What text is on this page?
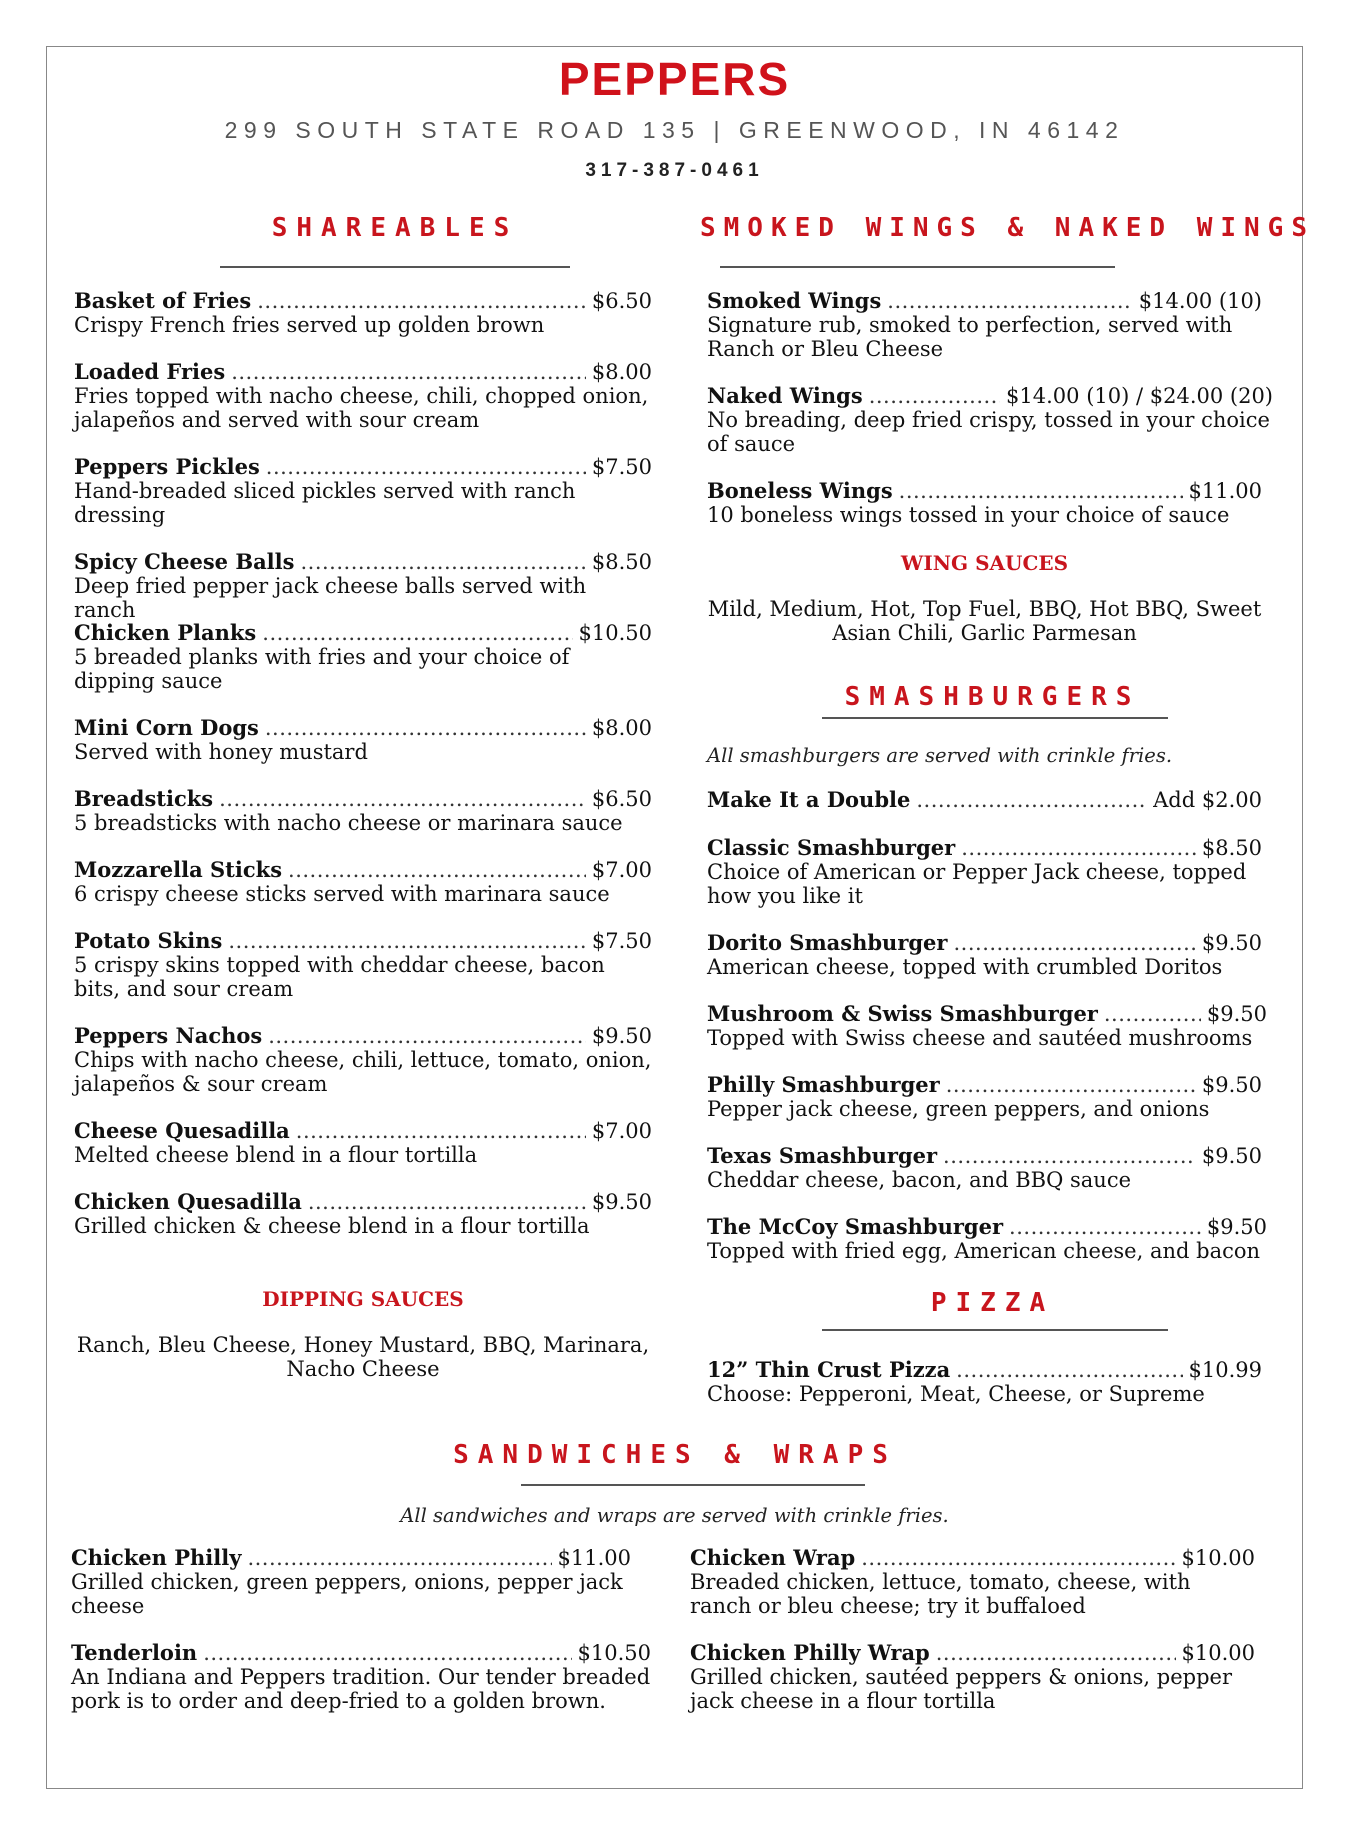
PEPPERS
299 SOUTH STATE ROAD 135 | GREENWOOD, IN 46142
317-387-0461
SHAREABLES
Basket of Fries .....	$6.50
Crispy French fries served up golden brown
Loaded Fries .....	$8.00
Fries topped with nacho cheese, chili, chopped onion, jalapeños and served with sour cream
Peppers Pickles .....	$7.50
Hand-breaded sliced pickles served with ranch dressing
Spicy Cheese Balls .....	$8.50
Deep fried pepper jack cheese balls served with ranch
Chicken Planks .....	$10.50
5 breaded planks with fries and your choice of dipping sauce
Mini Corn Dogs .....	$8.00
Served with honey mustard
Breadsticks .....	$6.50
5 breadsticks with nacho cheese or marinara sauce
Mozzarella Sticks .....	$7.00
6 crispy cheese sticks served with marinara sauce
Potato Skins .....	$7.50
5 crispy skins topped with cheddar cheese, bacon bits, and sour cream
Peppers Nachos .....	$9.50
Chips with nacho cheese, chili, lettuce, tomato, onion, jalapeños & sour cream
Cheese Quesadilla .....	$7.00
Melted cheese blend in a flour tortilla
Chicken Quesadilla .....	$9.50
Grilled chicken & cheese blend in a flour tortilla
DIPPING SAUCES
Ranch, Bleu Cheese, Honey Mustard, BBQ, Marinara, Nacho Cheese
SMOKED WINGS & NAKED WINGS
Smoked Wings .....	$14.00 (10)
Signature rub, smoked to perfection, served with Ranch or Bleu Cheese
Naked Wings .....	$14.00 (10) / $24.00 (20)
No breading, deep fried crispy, tossed in your choice of sauce
Boneless Wings .....	$11.00
10 boneless wings tossed in your choice of sauce
WING SAUCES
Mild, Medium, Hot, Top Fuel, BBQ, Hot BBQ, Sweet Asian Chili, Garlic Parmesan
SMASHBURGERS
All smashburgers are served with crinkle fries.
Make It a Double .....	Add $2.00
Classic Smashburger .....	$8.50
Choice of American or Pepper Jack cheese, topped how you like it
Dorito Smashburger .....	$9.50
American cheese, topped with crumbled Doritos
Mushroom & Swiss Smashburger .....	$9.50
Topped with Swiss cheese and sautéed mushrooms
Philly Smashburger .....	$9.50
Pepper jack cheese, green peppers, and onions
Texas Smashburger .....	$9.50
Cheddar cheese, bacon, and BBQ sauce
The McCoy Smashburger .....	$9.50
Topped with fried egg, American cheese, and bacon
PIZZA
12” Thin Crust Pizza .....	$10.99
Choose: Pepperoni, Meat, Cheese, or Supreme
SANDWICHES & WRAPS
All sandwiches and wraps are served with crinkle fries.
Chicken Philly .....	$11.00
Grilled chicken, green peppers, onions, pepper jack cheese
Tenderloin .....	$10.50
An Indiana and Peppers tradition. Our tender breaded pork is to order and deep-fried to a golden brown.
Chicken Wrap .....	$10.00
Breaded chicken, lettuce, tomato, cheese, with ranch or bleu cheese; try it buffaloed
Chicken Philly Wrap .....	$10.00
Grilled chicken, sautéed peppers & onions, pepper jack cheese in a flour tortilla
